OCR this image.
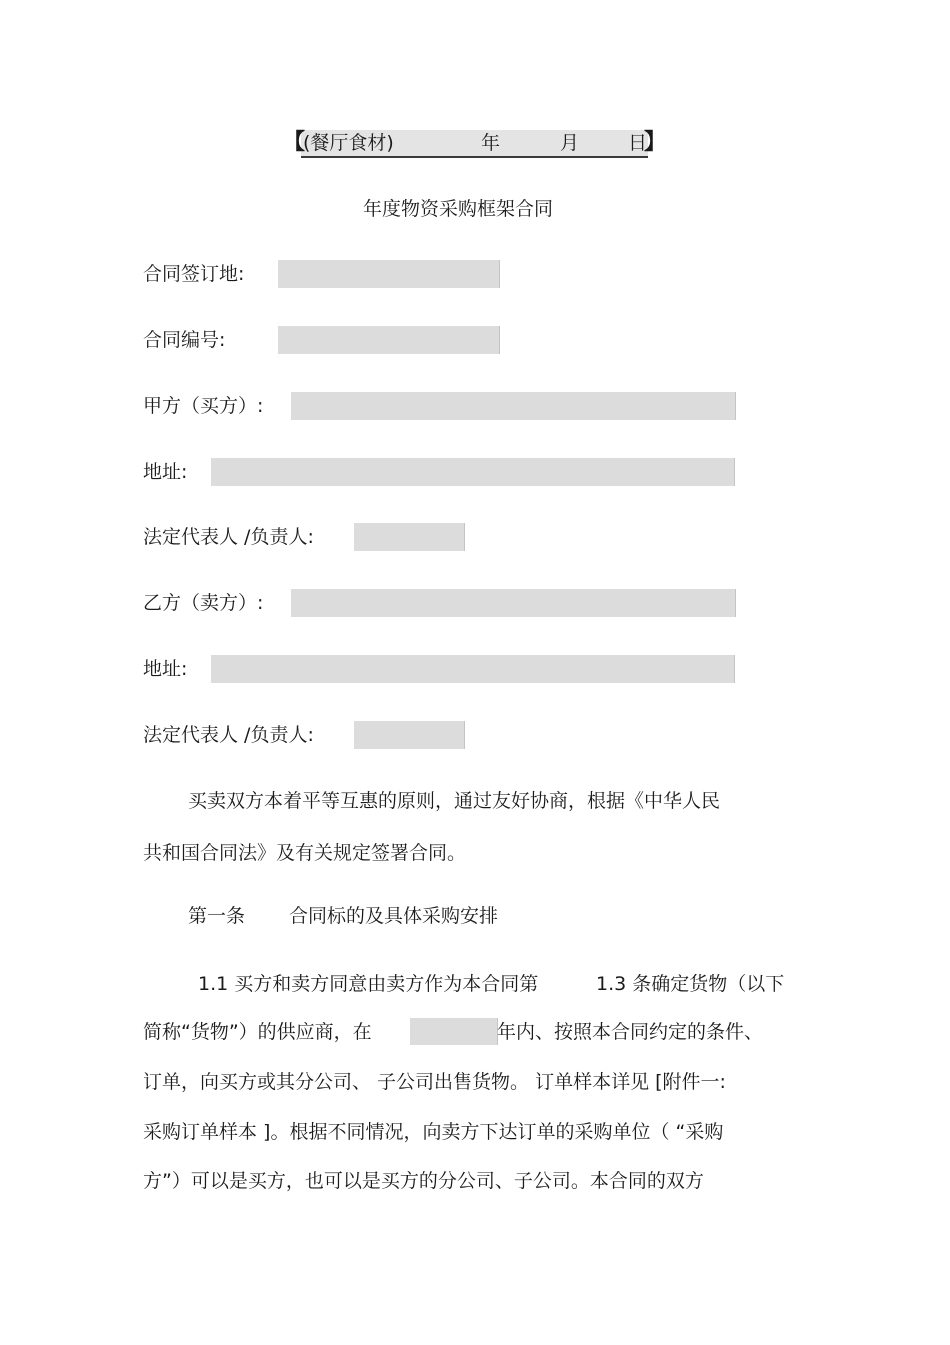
【
(餐厅食材)	年	月	日
】
年度物资采购框架合同
合同签订地:
合同编号:
甲方（买方）:
地址:
法定代表人 /负责人:
乙方（卖方）:
地址:
法定代表人 /负责人:
买卖双方本着平等互惠的原则，通过友好协商，根据《中华人民
共和国合同法》及有关规定签署合同。
第一条 合同标的及具体采购安排
1.1 买方和卖方同意由卖方作为本合同第	1.3 条确定货物（以下
简称“货物”）的供应商，在	年内、按照本合同约定的条件、
订单，向买方或其分公司、 子公司出售货物。 订单样本详见 [附件一:
采购订单样本 ]。根据不同情况，向卖方下达订单的采购单位（ “采购
方”）可以是买方，也可以是买方的分公司、子公司。本合同的双方
